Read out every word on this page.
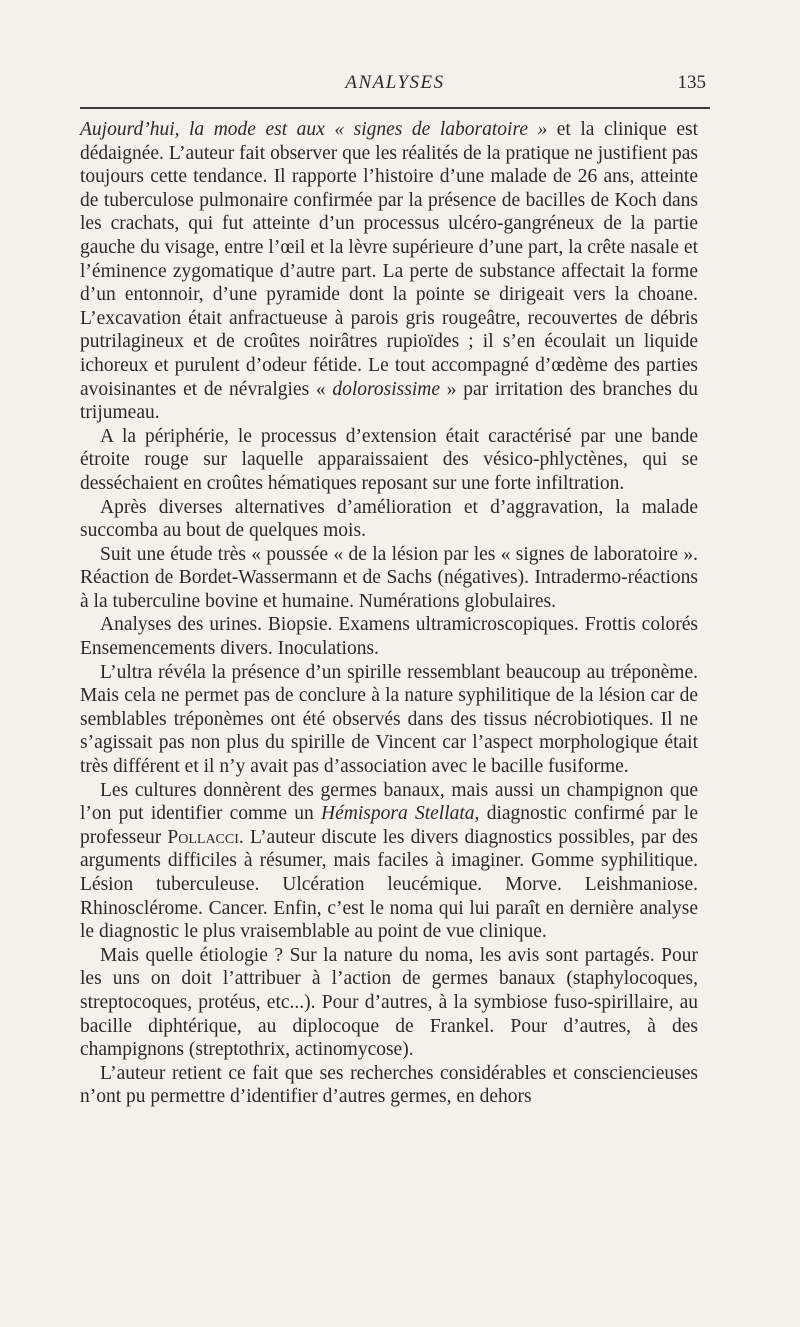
ANALYSES	135

Aujourd’hui, la mode est aux « signes de laboratoire » et la clinique est dédaignée. L’auteur fait observer que les réalités de la pratique ne justifient pas toujours cette tendance. Il rapporte l’histoire d’une malade de 26 ans, atteinte de tuberculose pulmonaire confirmée par la présence de bacilles de Koch dans les crachats, qui fut atteinte d’un processus ulcéro-gangréneux de la partie gauche du visage, entre l’œil et la lèvre supérieure d’une part, la crête nasale et l’éminence zygomatique d’autre part. La perte de substance affectait la forme d’un entonnoir, d’une pyramide dont la pointe se dirigeait vers la choane. L’excavation était anfractueuse à parois gris rougeâtre, recouvertes de débris putrilagineux et de croûtes noirâtres rupioïdes ; il s’en écoulait un liquide ichoreux et purulent d’odeur fétide. Le tout accompagné d’œdème des parties avoisinantes et de névralgies « dolorosissime » par irritation des branches du trijumeau.

A la périphérie, le processus d’extension était caractérisé par une bande étroite rouge sur laquelle apparaissaient des vésico-phlyctènes, qui se desséchaient en croûtes hématiques reposant sur une forte infiltration.

Après diverses alternatives d’amélioration et d’aggravation, la malade succomba au bout de quelques mois.

Suit une étude très « poussée « de la lésion par les « signes de laboratoire ». Réaction de Bordet-Wassermann et de Sachs (négatives). Intradermo-réactions à la tuberculine bovine et humaine. Numérations globulaires.

Analyses des urines. Biopsie. Examens ultramicroscopiques. Frottis colorés Ensemencements divers. Inoculations.

L’ultra révéla la présence d’un spirille ressemblant beaucoup au tréponème. Mais cela ne permet pas de conclure à la nature syphilitique de la lésion car de semblables tréponèmes ont été observés dans des tissus nécrobiotiques. Il ne s’agissait pas non plus du spirille de Vincent car l’aspect morphologique était très différent et il n’y avait pas d’association avec le bacille fusiforme.

Les cultures donnèrent des germes banaux, mais aussi un champignon que l’on put identifier comme un Hémispora Stellata, diagnostic confirmé par le professeur Pollacci. L’auteur discute les divers diagnostics possibles, par des arguments difficiles à résumer, mais faciles à imaginer. Gomme syphilitique. Lésion tuberculeuse. Ulcération leucémique. Morve. Leishmaniose. Rhinosclérome. Cancer. Enfin, c’est le noma qui lui paraît en dernière analyse le diagnostic le plus vraisemblable au point de vue clinique.

Mais quelle étiologie ? Sur la nature du noma, les avis sont partagés. Pour les uns on doit l’attribuer à l’action de germes banaux (staphylocoques, streptocoques, protéus, etc...). Pour d’autres, à la symbiose fuso-spirillaire, au bacille diphtérique, au diplocoque de Frankel. Pour d’autres, à des champignons (streptothrix, actinomycose).

L’auteur retient ce fait que ses recherches considérables et consciencieuses n’ont pu permettre d’identifier d’autres germes, en dehors
